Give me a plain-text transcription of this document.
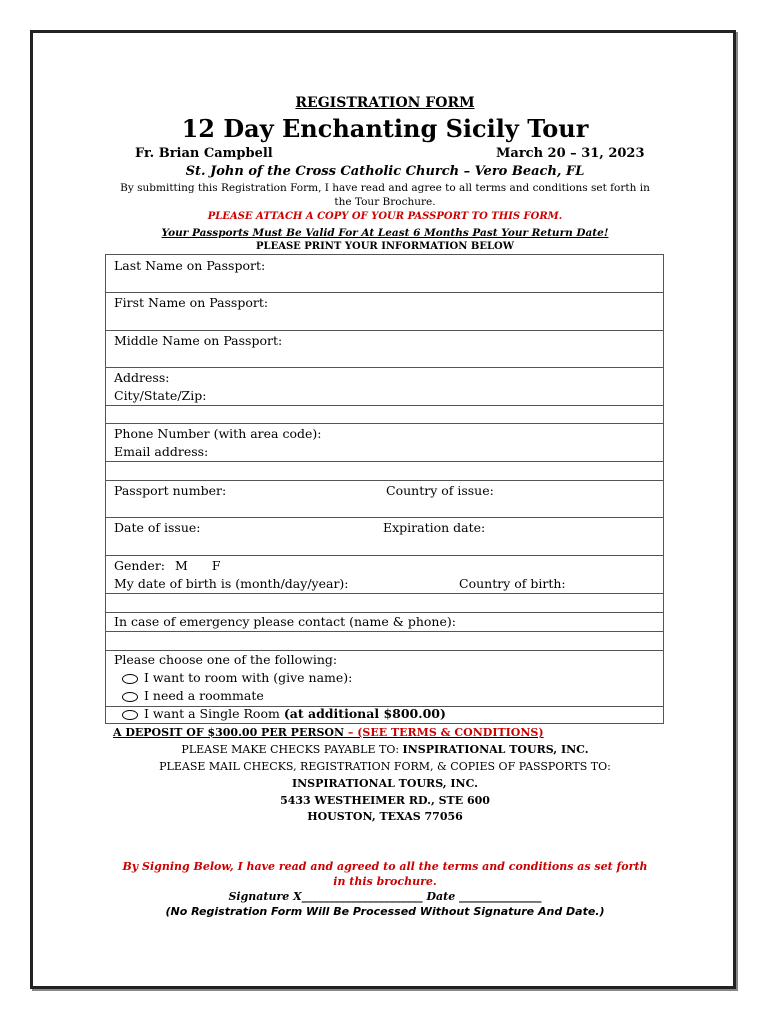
REGISTRATION FORM
12 Day Enchanting Sicily Tour
Fr. Brian Campbell	March 20 – 31, 2023
St. John of the Cross Catholic Church – Vero Beach, FL
By submitting this Registration Form, I have read and agree to all terms and conditions set forth in the Tour Brochure.
PLEASE ATTACH A COPY OF YOUR PASSPORT TO THIS FORM.
Your Passports Must Be Valid For At Least 6 Months Past Your Return Date!
PLEASE PRINT YOUR INFORMATION BELOW
Last Name on Passport:
First Name on Passport:
Middle Name on Passport:
Address:
City/State/Zip:
Phone Number (with area code):
Email address:
Passport number:	Country of issue:
Date of issue:	Expiration date:
Gender: M F
My date of birth is (month/day/year):	Country of birth:
In case of emergency please contact (name & phone):
Please choose one of the following:
I want to room with (give name):
I need a roommate
I want a Single Room (at additional $800.00)
A DEPOSIT OF $300.00 PER PERSON – (SEE TERMS & CONDITIONS)
PLEASE MAKE CHECKS PAYABLE TO: INSPIRATIONAL TOURS, INC.
PLEASE MAIL CHECKS, REGISTRATION FORM, & COPIES OF PASSPORTS TO:
INSPIRATIONAL TOURS, INC.
5433 WESTHEIMER RD., STE 600
HOUSTON, TEXAS 77056
By Signing Below, I have read and agreed to all the terms and conditions as set forth in this brochure.
Signature X______________________ Date _______________
(No Registration Form Will Be Processed Without Signature And Date.)
